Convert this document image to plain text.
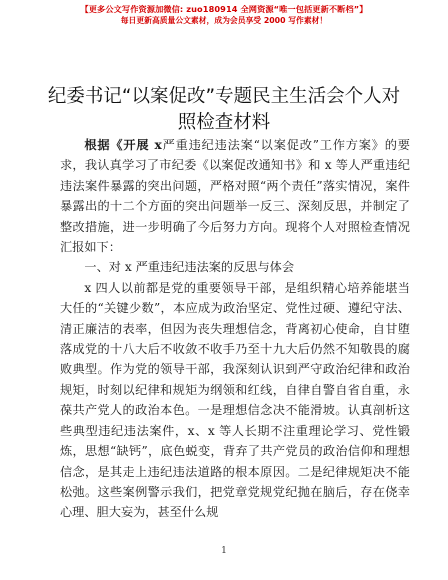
【更多公文写作资源加微信: zuo180914 全网资源“唯一包括更新不断档”】
每日更新高质量公文素材，成为会员享受 2000 写作素材！
纪委书记“以案促改”专题民主生活会个人对照检查材料

根据《开展 x严重违纪违法案“以案促改”工作方案》的要求，我认真学习了市纪委《以案促改通知书》和 x 等人严重违纪违法案件暴露的突出问题，严格对照“两个责任”落实情况，案件暴露出的十二个方面的突出问题举一反三、深刻反思，并制定了整改措施，进一步明确了今后努力方向。现将个人对照检查情况汇报如下：

一、对 x 严重违纪违法案的反思与体会

x 四人以前都是党的重要领导干部，是组织精心培养能堪当大任的“关键少数”，本应成为政治坚定、党性过硬、遵纪守法、清正廉洁的表率，但因为丧失理想信念，背离初心使命，自甘堕落成党的十八大后不收敛不收手乃至十九大后仍然不知敬畏的腐败典型。作为党的领导干部，我深刻认识到严守政治纪律和政治规矩，时刻以纪律和规矩为纲领和红线，自律自警自省自重，永葆共产党人的政治本色。一是理想信念决不能滑坡。认真剖析这些典型违纪违法案件，x、x 等人长期不注重理论学习、党性锻炼，思想“缺钙”，底色蜕变，背弃了共产党员的政治信仰和理想信念，是其走上违纪违法道路的根本原因。二是纪律规矩决不能松弛。这些案例警示我们，把党章党规党纪抛在脑后，存在侥幸心理、胆大妄为，甚至什么规

1
